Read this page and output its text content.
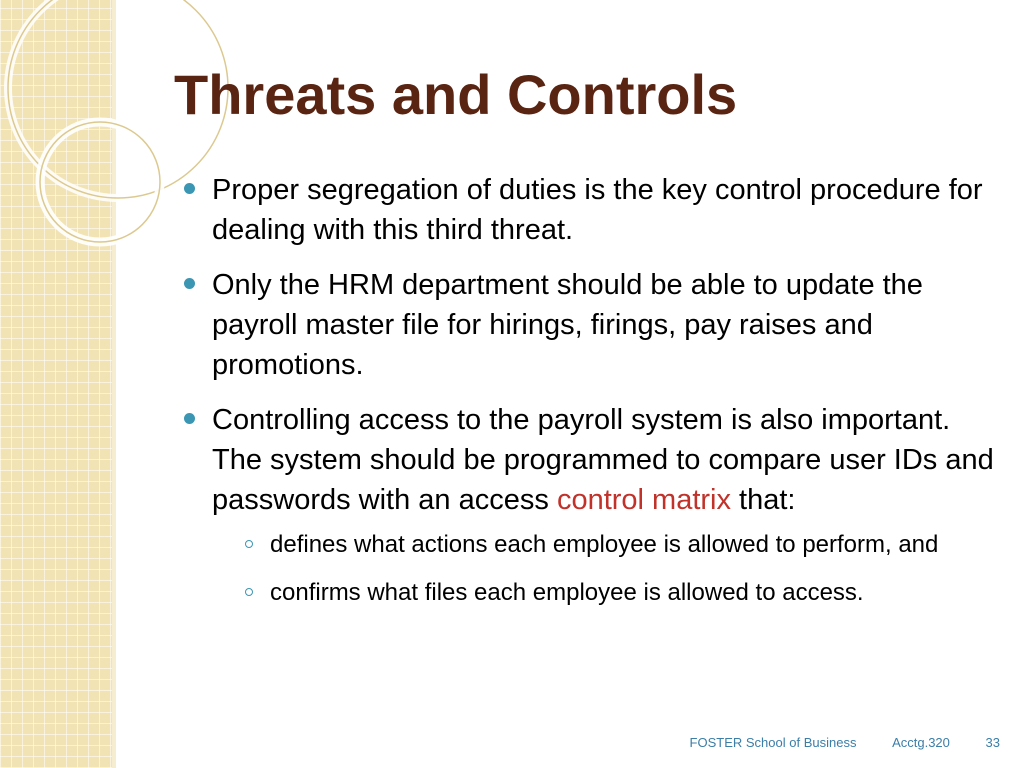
Threats and Controls
Proper segregation of duties is the key control procedure for dealing with this third threat.
Only the HRM department should be able to update the payroll master file for hirings, firings, pay raises and promotions.
Controlling access to the payroll system is also important. The system should be programmed to compare user IDs and passwords with an access control matrix that:
defines what actions each employee is allowed to perform, and
confirms what files each employee is allowed to access.
FOSTER School of Business	Acctg.320	33
